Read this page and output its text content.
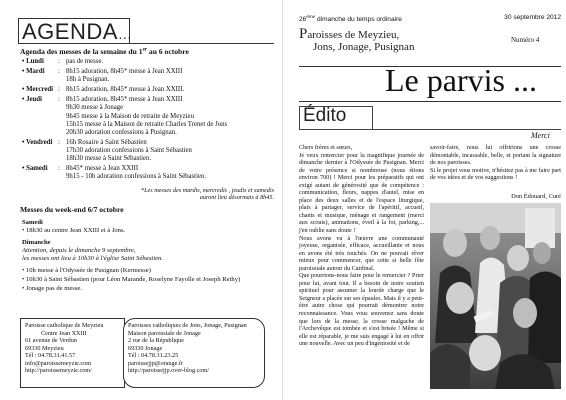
AGENDA…
Agenda des messes de la semaine du 1er au 6 octobre
• Lundi	: pas de messe.
• Mardi	: 8h15 adoration, 8h45* messe à Jean XXIII
18h à Pusignan.
• Mercredi : 8h15 adoration, 8h45* messe à Jean XXIII.
• Jeudi	: 8h15 adoration, 8h45* messe à Jean XXIII
9h30 messe à Jonage
9h45 messe à la Maison de retraite de Meyzieu
15h15 messe à la Maison de retraite Charles Trenet de Jons
20h30 adoration confessions à Pusignan.
• Vendredi : 16h Rosaire à Saint Sébastien
17h30 adoration confessions à Saint Sébastien
18h30 messe à Saint Sébastien.
• Samedi	: 8h45* messe à Jean XXIII
9h15 - 10h adoration confessions à Saint Sébastien.
*Les messes des mardis, mercredis , jeudis et samedis
auront lieu désormais à 8h45.
Messes du week-end 6/7 octobre
Samedi
• 18h30 au centre Jean XXIII et à Jons.
Dimanche
Attention, depuis le dimanche 9 septembre,
les messes ont lieu à 10h30 à l'église Saint Sébastien.
• 10h messe à l'Odyssée de Pusignan (Kermesse)
• 10h30 à Saint Sébastien (pour Léon Marande, Roselyne Fayolle et Joseph Rethy)
• Jonage pas de messe.
Paroisse catholique de Meyzieu
Centre Jean XXIII
61 avenue de Verdun
69330 Meyzieu
Tél : 04.78.31.41.57
info@paroissemeyzie.com
http://paroissemeyzie.com/
Paroisses catholiques de Jons, Jonage, Pusignan
Maison paroissiale de Jonage
2 rue de la République
69330 Jonage
Tél : 04.78.31.23.25
paroissejjp@orange.fr
http://paroissejjp.over-blog.com/
26ème dimanche du temps ordinaire	30 septembre 2012
Paroisses de Meyzieu,
Jons, Jonage, Pusignan
Numéro 4
Le parvis ...
Édito
Merci
Chers frères et sœurs,
Je veux remercier pour la magnifique journée de dimanche dernier à l'Odyssée de Pusignan. Merci de votre présence si nombreuse (nous étions environ 700) ! Merci pour les préparatifs qui ont exigé autant de générosité que de compétence : communication, fleurs, nappes d'autel, mise en place des deux salles et de l'espace liturgique, plats à partager, service de l'apéritif, accueil, chants et musique, ménage et rangement (merci aux scouts), animations, éveil à la foi, parking,... j'en oublie sans doute !
Nous avons vu à l'œuvre une communauté joyeuse, organisée, efficace, accueillante et nous en avons été très touchés. On ne pouvait rêver mieux pour commencer, que cette si belle fête paroissiale autour du Cardinal.
Que pourrions-nous faire pour le remercier ? Prier pour lui, avant tout. Il a besoin de notre soutien spirituel pour assumer la lourde charge que le Seigneur a placée sur ses épaules. Mais il y a peut-être autre chose qui pourrait démontrer notre reconnaissance. Vous vous souvenez sans doute que lors de la messe, la crosse malgache de l'Archevêque est tombée et s'est brisée ! Même si elle est réparable, je me suis engagé à lui en offrir une nouvelle. Avec un peu d'ingéniosité et de
savoir-faire, nous lui offririons une crosse démontable, incassable, belle, et portant la signature de nos paroisses.
Si le projet vous motive, n'hésitez pas à me faire part de vos idées et de vos suggestions !
Don Édouard, Curé
